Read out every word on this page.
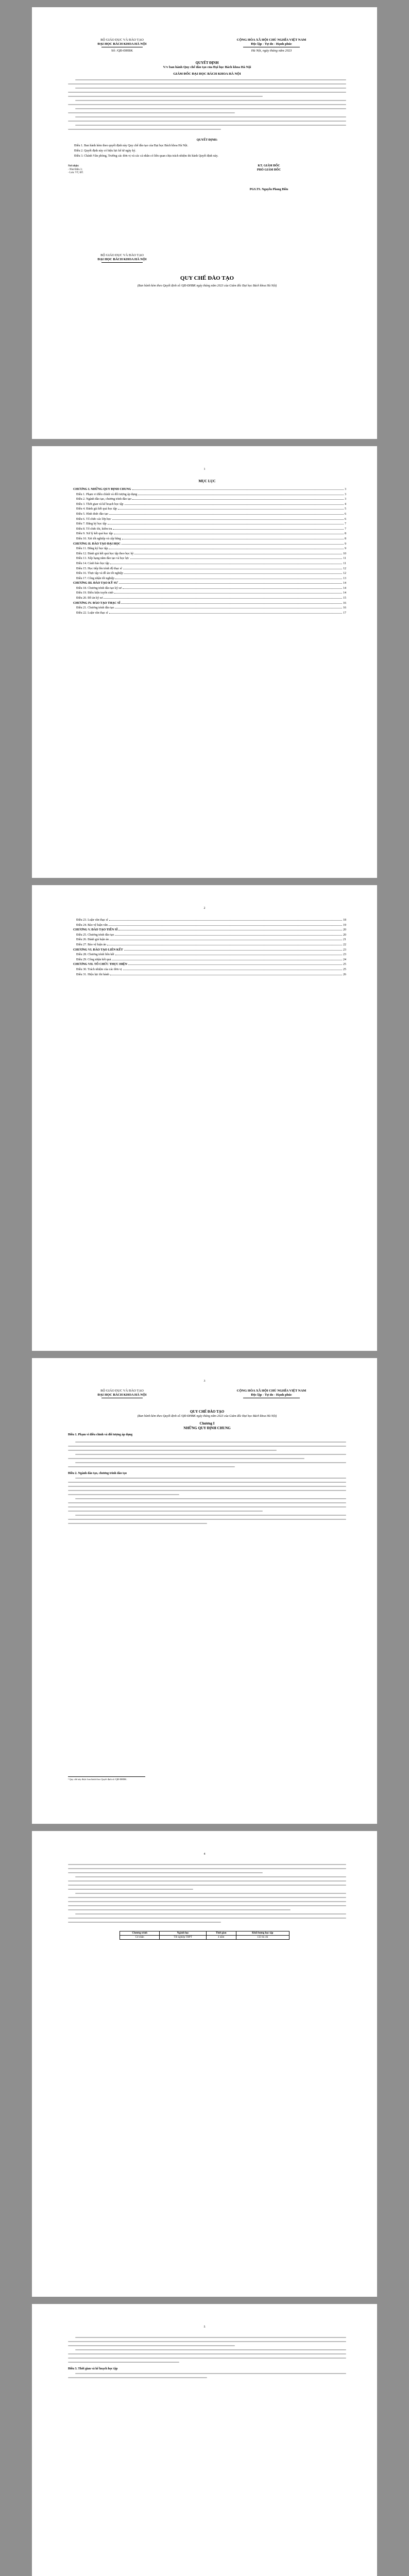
BỘ GIÁO DỤC VÀ ĐÀO TẠO
ĐẠI HỌC BÁCH KHOA HÀ NỘI
Số: /QĐ-ĐHBK
CỘNG HÒA XÃ HỘI CHỦ NGHĨA VIỆT NAM
Độc lập - Tự do - Hạnh phúc
Hà Nội, ngày tháng năm 2023
QUYẾT ĐỊNH
V/v ban hành Quy chế đào tạo của Đại học Bách khoa Hà Nội
GIÁM ĐỐC ĐẠI HỌC BÁCH KHOA HÀ NỘI
QUYẾT ĐỊNH:
Điều 1. Ban hành kèm theo quyết định này Quy chế đào tạo của Đại học Bách khoa Hà Nội.
Điều 2. Quyết định này có hiệu lực kể từ ngày ký.
Điều 3. Chánh Văn phòng, Trưởng các đơn vị và các cá nhân có liên quan chịu trách nhiệm thi hành Quyết định này.
Nơi nhận:
- Như Điều 3;
- Lưu: VT, ĐT.
KT. GIÁM ĐỐC
PHÓ GIÁM ĐỐC
PGS.TS. Nguyễn Phong Điền
BỘ GIÁO DỤC VÀ ĐÀO TẠO
ĐẠI HỌC BÁCH KHOA HÀ NỘI
QUY CHẾ ĐÀO TẠO
(Ban hành kèm theo Quyết định số /QĐ-ĐHBK ngày tháng năm 2023 của Giám đốc Đại học Bách khoa Hà Nội)
1
MỤC LỤC
CHƯƠNG I. NHỮNG QUY ĐỊNH CHUNG	3
Điều 1. Phạm vi điều chỉnh và đối tượng áp dụng	3
Điều 2. Ngành đào tạo, chương trình đào tạo	3
Điều 3. Thời gian và kế hoạch học tập	4
Điều 4. Đánh giá kết quả học tập	5
Điều 5. Hình thức đào tạo	6
Điều 6. Tổ chức các lớp học	6
Điều 7. Đăng ký học tập	7
Điều 8. Tổ chức thi, kiểm tra	7
Điều 9. Xử lý kết quả học tập	8
Điều 10. Xét tốt nghiệp và cấp bằng	8
CHƯƠNG II. ĐÀO TẠO ĐẠI HỌC	9
Điều 11. Đăng ký học tập	9
Điều 12. Đánh giá kết quả học tập theo học kỳ	10
Điều 13. Xếp hạng năm đào tạo và học lực	11
Điều 14. Cảnh báo học tập	11
Điều 15. Học tiếp lên trình độ thạc sĩ	12
Điều 16. Thực tập và đồ án tốt nghiệp	12
Điều 17. Công nhận tốt nghiệp	13
CHƯƠNG III. ĐÀO TẠO KỸ SƯ	14
Điều 18. Chương trình đào tạo kỹ sư	14
Điều 19. Điều kiện tuyển sinh	14
Điều 20. Đồ án kỹ sư	15
CHƯƠNG IV. ĐÀO TẠO THẠC SĨ	16
Điều 21. Chương trình đào tạo	16
Điều 22. Luận văn thạc sĩ	17
2
Điều 23. Luận văn thạc sĩ	18
Điều 24. Bảo vệ luận văn	19
CHƯƠNG V. ĐÀO TẠO TIẾN SĨ	20
Điều 25. Chương trình đào tạo	20
Điều 26. Đánh giá luận án	21
Điều 27. Bảo vệ luận án	22
CHƯƠNG VI. ĐÀO TẠO LIÊN KẾT	23
Điều 28. Chương trình liên kết	23
Điều 29. Công nhận kết quả	24
CHƯƠNG VII. TỔ CHỨC THỰC HIỆN	25
Điều 30. Trách nhiệm của các đơn vị	25
Điều 31. Hiệu lực thi hành	26
3
BỘ GIÁO DỤC VÀ ĐÀO TẠO
ĐẠI HỌC BÁCH KHOA HÀ NỘI
CỘNG HÒA XÃ HỘI CHỦ NGHĨA VIỆT NAM
Độc lập - Tự do - Hạnh phúc
QUY CHẾ ĐÀO TẠO
(Ban hành kèm theo Quyết định số /QĐ-ĐHBK ngày tháng năm 2023 của Giám đốc Đại học Bách khoa Hà Nội)
Chương I
NHỮNG QUY ĐỊNH CHUNG
Điều 1. Phạm vi điều chỉnh và đối tượng áp dụng
Điều 2. Ngành đào tạo, chương trình đào tạo
¹ Quy chế này được ban hành theo Quyết định số /QĐ-ĐHBK.
4
Chương trình	Ngành học	Thời gian	Khối lượng học tập
Cử nhân	Tốt nghiệp THPT	4 năm	132 tín chỉ
5
Điều 3. Thời gian và kế hoạch học tập
